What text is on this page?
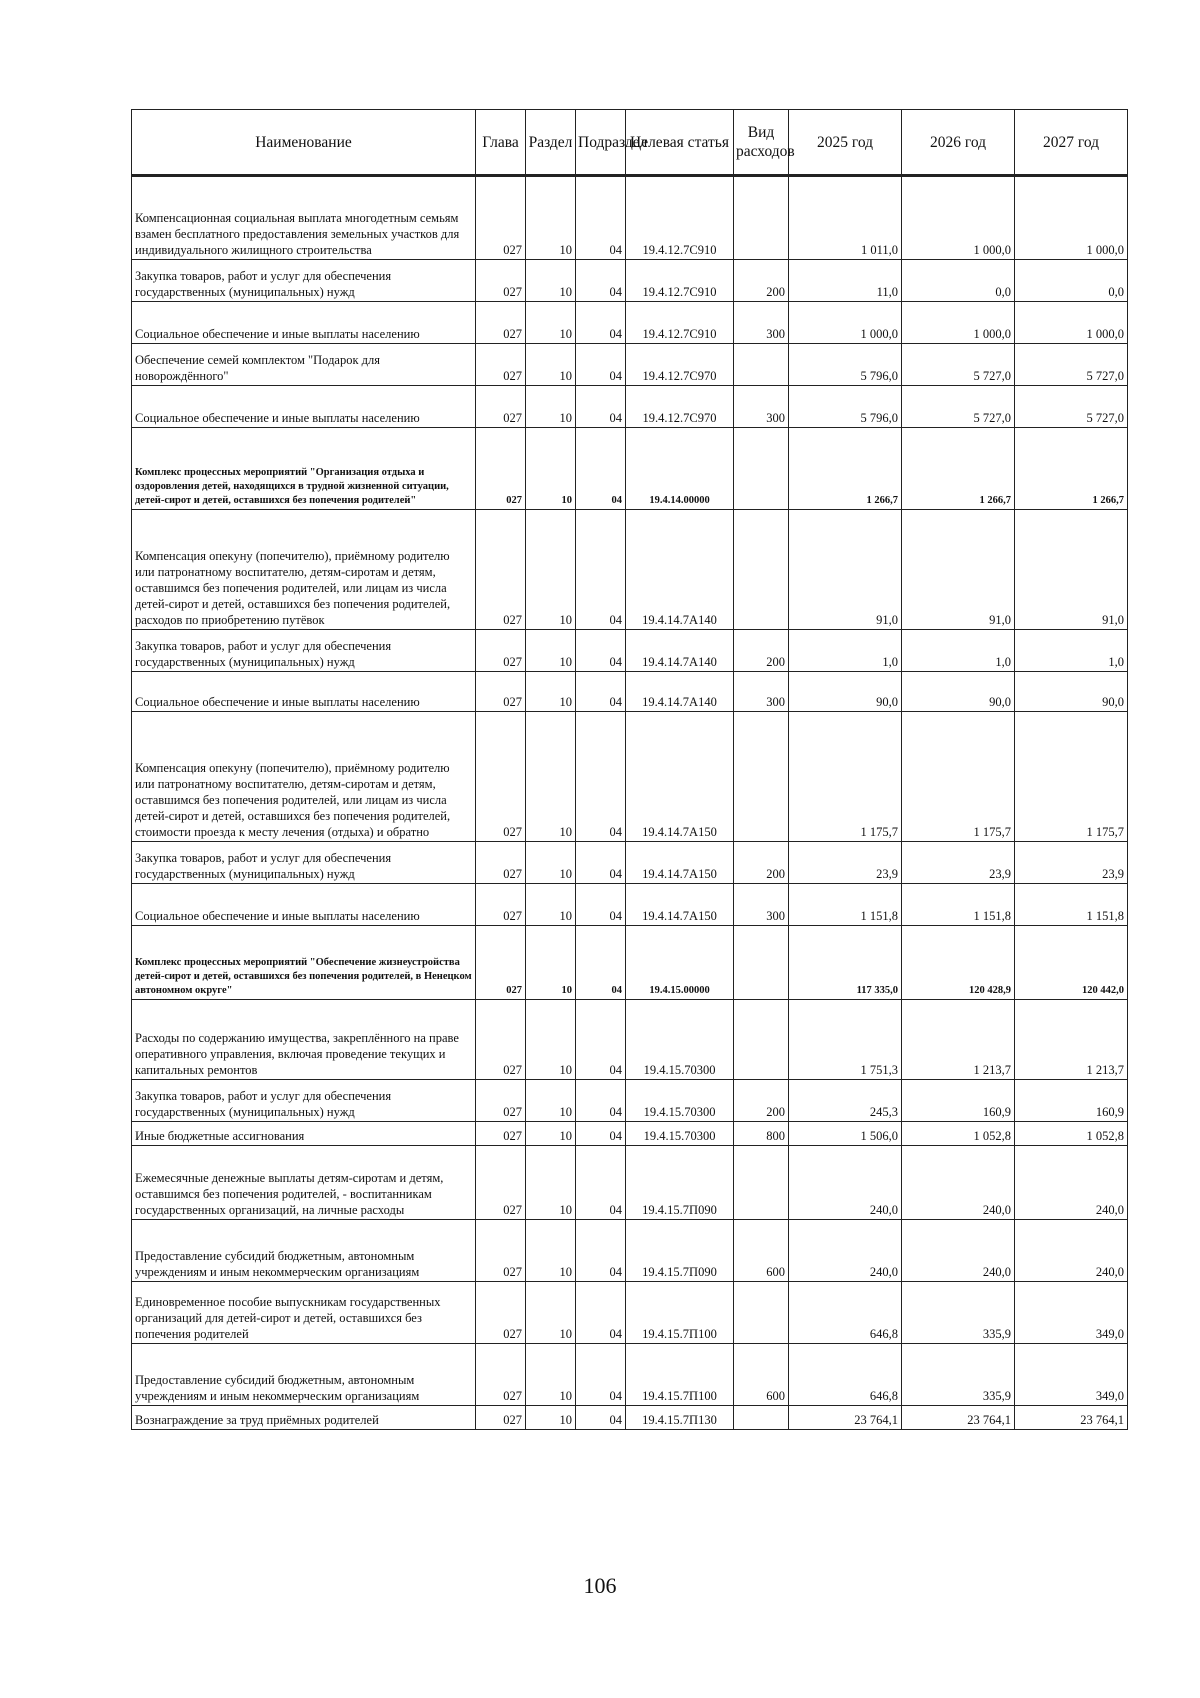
Наименование	Глава	Раздел	Подраздел	Целевая статья	Вид расходов	2025 год	2026 год	2027 год
Компенсационная социальная выплата многодетным семьям взамен бесплатного предоставления земельных участков для индивидуального жилищного строительства	027	10	04	19.4.12.7C910		1 011,0	1 000,0	1 000,0
Закупка товаров, работ и услуг для обеспечения государственных (муниципальных) нужд	027	10	04	19.4.12.7C910	200	11,0	0,0	0,0
Социальное обеспечение и иные выплаты населению	027	10	04	19.4.12.7C910	300	1 000,0	1 000,0	1 000,0
Обеспечение семей комплектом "Подарок для новорождённого"	027	10	04	19.4.12.7C970		5 796,0	5 727,0	5 727,0
Социальное обеспечение и иные выплаты населению	027	10	04	19.4.12.7C970	300	5 796,0	5 727,0	5 727,0
Комплекс процессных мероприятий "Организация отдыха и оздоровления детей, находящихся в трудной жизненной ситуации, детей-сирот и детей, оставшихся без попечения родителей"	027	10	04	19.4.14.00000		1 266,7	1 266,7	1 266,7
Компенсация опекуну (попечителю), приёмному родителю или патронатному воспитателю, детям-сиротам и детям, оставшимся без попечения родителей, или лицам из числа детей-сирот и детей, оставшихся без попечения родителей, расходов по приобретению путёвок	027	10	04	19.4.14.7A140		91,0	91,0	91,0
Закупка товаров, работ и услуг для обеспечения государственных (муниципальных) нужд	027	10	04	19.4.14.7A140	200	1,0	1,0	1,0
Социальное обеспечение и иные выплаты населению	027	10	04	19.4.14.7A140	300	90,0	90,0	90,0
Компенсация опекуну (попечителю), приёмному родителю или патронатному воспитателю, детям-сиротам и детям, оставшимся без попечения родителей, или лицам из числа детей-сирот и детей, оставшихся без попечения родителей, стоимости проезда к месту лечения (отдыха) и обратно	027	10	04	19.4.14.7A150		1 175,7	1 175,7	1 175,7
Закупка товаров, работ и услуг для обеспечения государственных (муниципальных) нужд	027	10	04	19.4.14.7A150	200	23,9	23,9	23,9
Социальное обеспечение и иные выплаты населению	027	10	04	19.4.14.7A150	300	1 151,8	1 151,8	1 151,8
Комплекс процессных мероприятий "Обеспечение жизнеустройства детей-сирот и детей, оставшихся без попечения родителей, в Ненецком автономном округе"	027	10	04	19.4.15.00000		117 335,0	120 428,9	120 442,0
Расходы по содержанию имущества, закреплённого на праве оперативного управления, включая проведение текущих и капитальных ремонтов	027	10	04	19.4.15.70300		1 751,3	1 213,7	1 213,7
Закупка товаров, работ и услуг для обеспечения государственных (муниципальных) нужд	027	10	04	19.4.15.70300	200	245,3	160,9	160,9
Иные бюджетные ассигнования	027	10	04	19.4.15.70300	800	1 506,0	1 052,8	1 052,8
Ежемесячные денежные выплаты детям-сиротам и детям, оставшимся без попечения родителей, - воспитанникам государственных организаций, на личные расходы	027	10	04	19.4.15.7П090		240,0	240,0	240,0
Предоставление субсидий бюджетным, автономным учреждениям и иным некоммерческим организациям	027	10	04	19.4.15.7П090	600	240,0	240,0	240,0
Единовременное пособие выпускникам государственных организаций для детей-сирот и детей, оставшихся без попечения родителей	027	10	04	19.4.15.7П100		646,8	335,9	349,0
Предоставление субсидий бюджетным, автономным учреждениям и иным некоммерческим организациям	027	10	04	19.4.15.7П100	600	646,8	335,9	349,0
Вознаграждение за труд приёмных родителей	027	10	04	19.4.15.7П130		23 764,1	23 764,1	23 764,1
106
